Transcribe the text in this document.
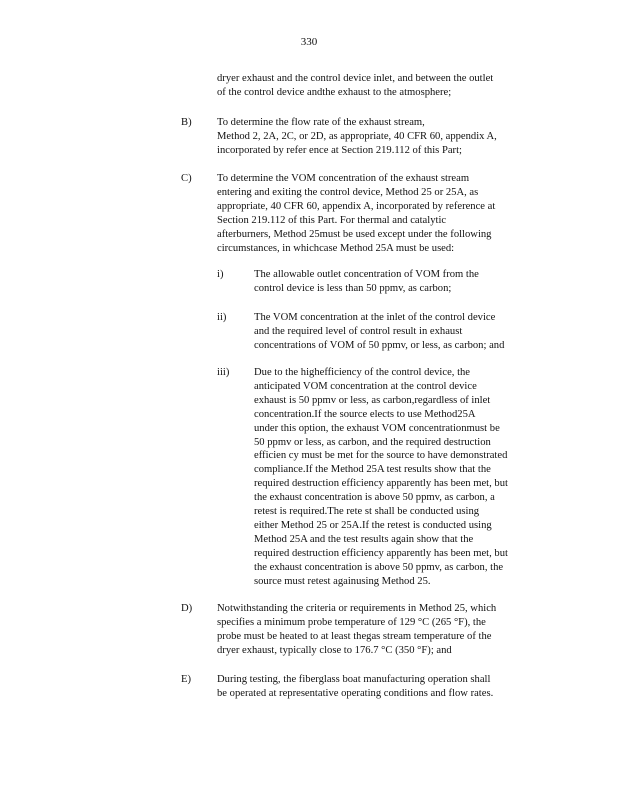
330
dryer exhaust and the control device inlet, and between the outlet
of the control device andthe exhaust to the atmosphere;
B) To determine the flow rate of the exhaust stream,
Method 2, 2A, 2C, or 2D, as appropriate, 40 CFR 60, appendix A,
incorporated by refer ence at Section 219.112 of this Part;
C) To determine the VOM concentration of the exhaust stream
entering and exiting the control device, Method 25 or 25A, as
appropriate, 40 CFR 60, appendix A, incorporated by reference at
Section 219.112 of this Part. For thermal and catalytic
afterburners, Method 25must be used except under the following
circumstances, in whichcase Method 25A must be used:
i)	The allowable outlet concentration of VOM from the
control device is less than 50 ppmv, as carbon;
ii)	The VOM concentration at the inlet of the control device
and the required level of control result in exhaust
concentrations of VOM of 50 ppmv, or less, as carbon; and
iii) Due to the highefficiency of the control device, the
anticipated VOM concentration at the control device
exhaust is 50 ppmv or less, as carbon,regardless of inlet
concentration.If the source elects to use Method25A
under this option, the exhaust VOM concentrationmust be
50 ppmv or less, as carbon, and the required destruction
efficien cy must be met for the source to have demonstrated
compliance.If the Method 25A test results show that the
required destruction efficiency apparently has been met, but
the exhaust concentration is above 50 ppmv, as carbon, a
retest is required.The rete st shall be conducted using
either Method 25 or 25A.If the retest is conducted using
Method 25A and the test results again show that the
required destruction efficiency apparently has been met, but
the exhaust concentration is above 50 ppmv, as carbon, the
source must retest againusing Method 25.
D) Notwithstanding the criteria or requirements in Method 25, which
specifies a minimum probe temperature of 129 °C (265 °F), the
probe must be heated to at least thegas stream temperature of the
dryer exhaust, typically close to 176.7 °C (350 °F); and
E) During testing, the fiberglass boat manufacturing operation shall
be operated at representative operating conditions and flow rates.
